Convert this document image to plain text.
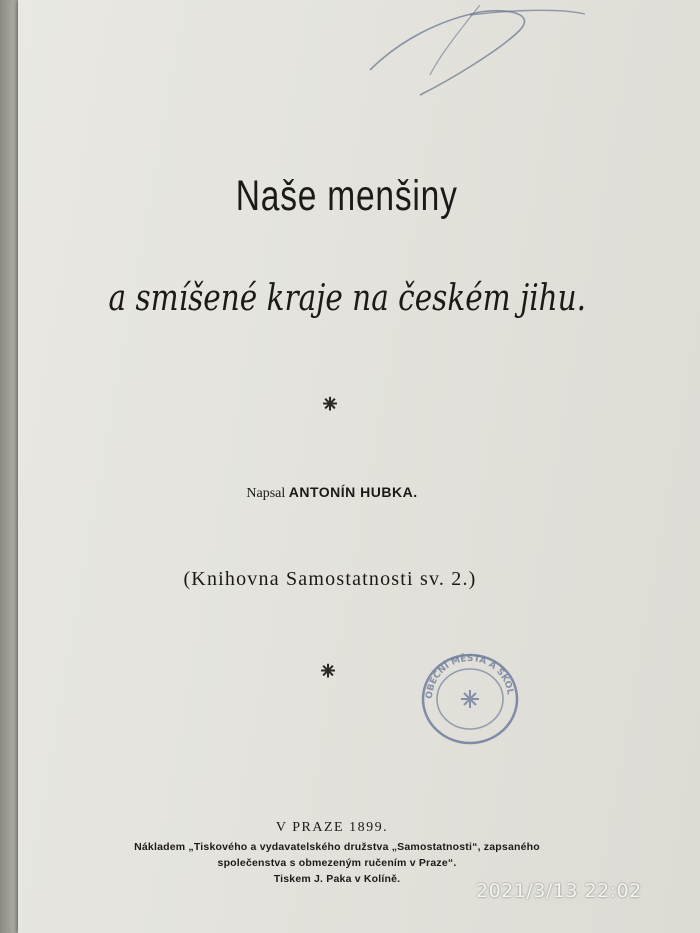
Naše menšiny
a smíšené kraje na českém jihu.
⁕
Napsal ANTONÍN HUBKA.
(Knihovna Samostatnosti sv. 2.)
⁕
OBECNÍ MĚSTA A ŠKOL
V PRAZE 1899.
Nákladem „Tiskového a vydavatelského družstva „Samostatnosti“, zapsaného
společenstva s obmezeným ručením v Praze“.
Tiskem J. Paka v Kolíně.
2021/3/13 22:02
